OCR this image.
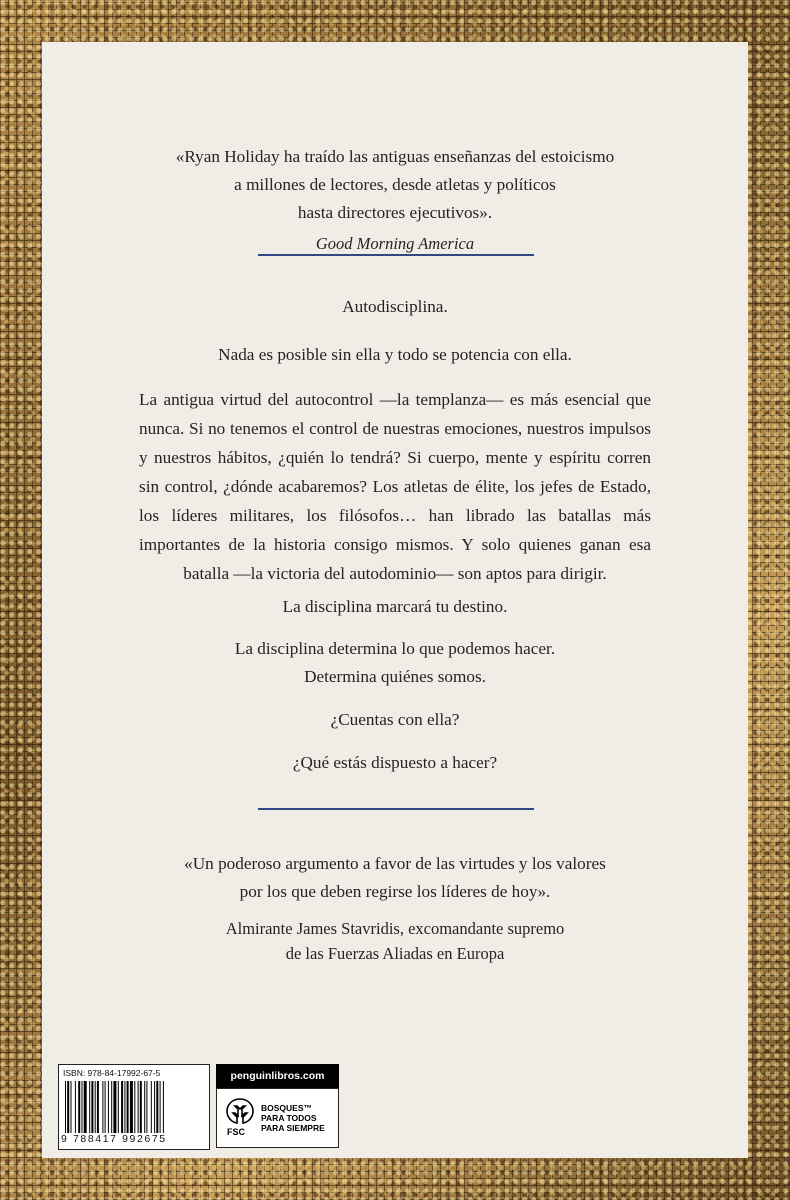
«Ryan Holiday ha traído las antiguas enseñanzas del estoicismo
a millones de lectores, desde atletas y políticos
hasta directores ejecutivos».
Good Morning America
Autodisciplina.
Nada es posible sin ella y todo se potencia con ella.
La antigua virtud del autocontrol —la templanza— es más esencial que nunca. Si no tenemos el control de nuestras emociones, nuestros impulsos y nuestros hábitos, ¿quién lo tendrá? Si cuerpo, mente y espíritu corren sin control, ¿dónde acabaremos? Los atletas de élite, los jefes de Estado, los líderes militares, los filósofos… han librado las batallas más importantes de la historia consigo mismos. Y solo quienes ganan esa batalla —la victoria del autodominio— son aptos para dirigir.
La disciplina marcará tu destino.
La disciplina determina lo que podemos hacer.
Determina quiénes somos.
¿Cuentas con ella?
¿Qué estás dispuesto a hacer?
«Un poderoso argumento a favor de las virtudes y los valores
por los que deben regirse los líderes de hoy».
Almirante James Stavridis, excomandante supremo
de las Fuerzas Aliadas en Europa
ISBN: 978-84-17992-67-5
9 788417 992675
penguinlibros.com
FSC
BOSQUES™
PARA TODOS
PARA SIEMPRE
